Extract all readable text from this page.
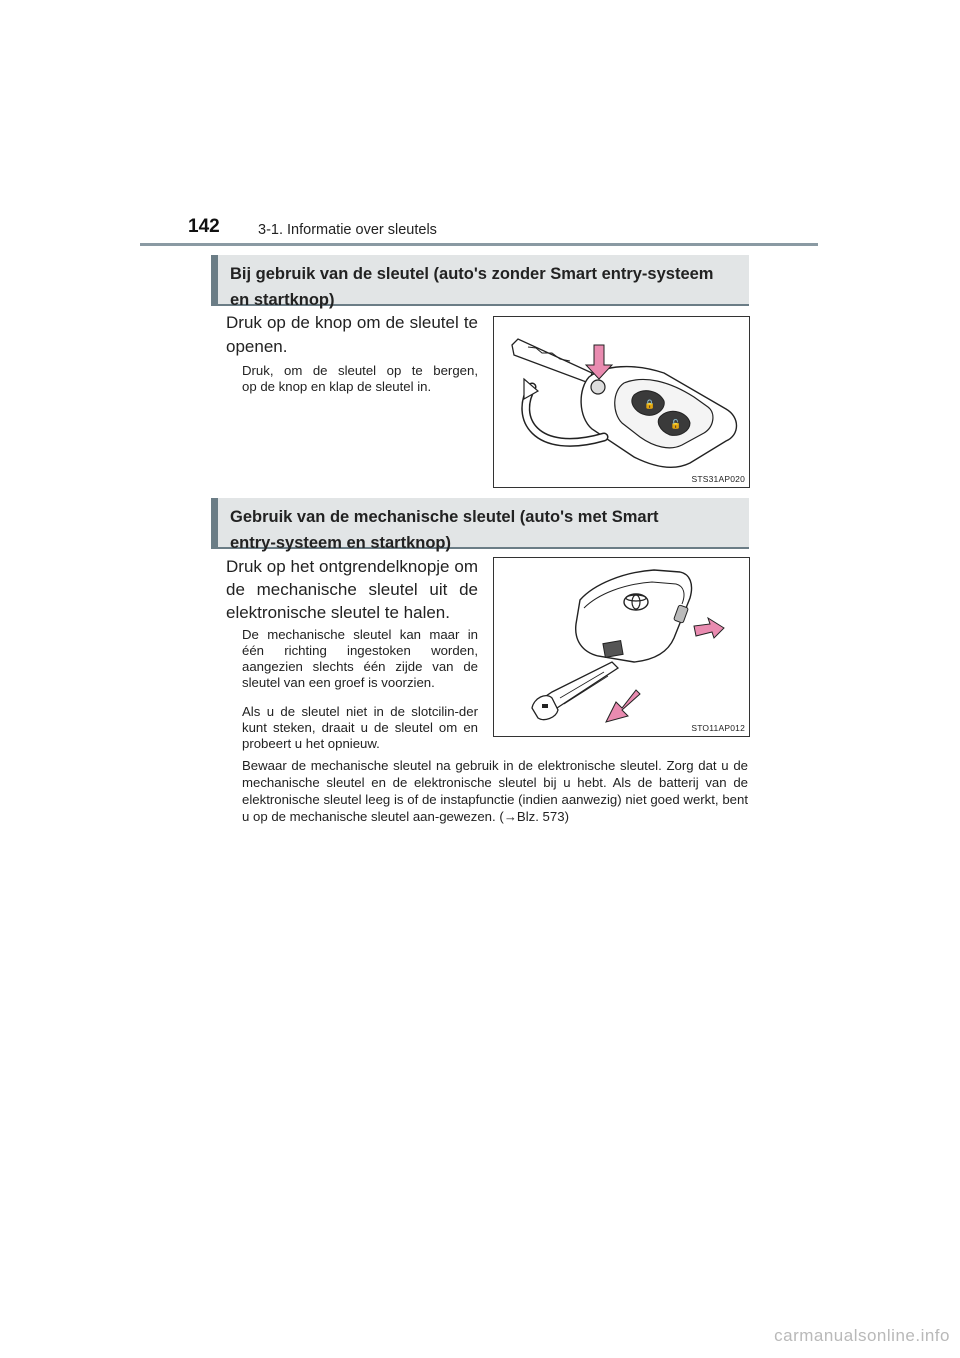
142	3-1. Informatie over sleutels
Bij gebruik van de sleutel (auto's zonder Smart entry-systeem
en startknop)
Druk op de knop om de sleutel te
openen.
Druk, om de sleutel op te bergen,
op de knop en klap de sleutel in.
🔒
🔓
STS31AP020
Gebruik van de mechanische sleutel (auto's met Smart
entry-systeem en startknop)
Druk op het ontgrendelknopje om
de mechanische sleutel uit de
elektronische sleutel te halen.
De mechanische sleutel kan maar in één richting ingestoken worden, aangezien slechts één zijde van de sleutel van een groef is voorzien.
Als u de sleutel niet in de slotcilin-der kunt steken, draait u de sleutel om en probeert u het opnieuw.
STO11AP012
Bewaar de mechanische sleutel na gebruik in de elektronische sleutel. Zorg dat u de mechanische sleutel en de elektronische sleutel bij u hebt. Als de batterij van de elektronische sleutel leeg is of de instapfunctie (indien aanwezig) niet goed werkt, bent u op de mechanische sleutel aan-gewezen. (→Blz. 573)
carmanualsonline.info
